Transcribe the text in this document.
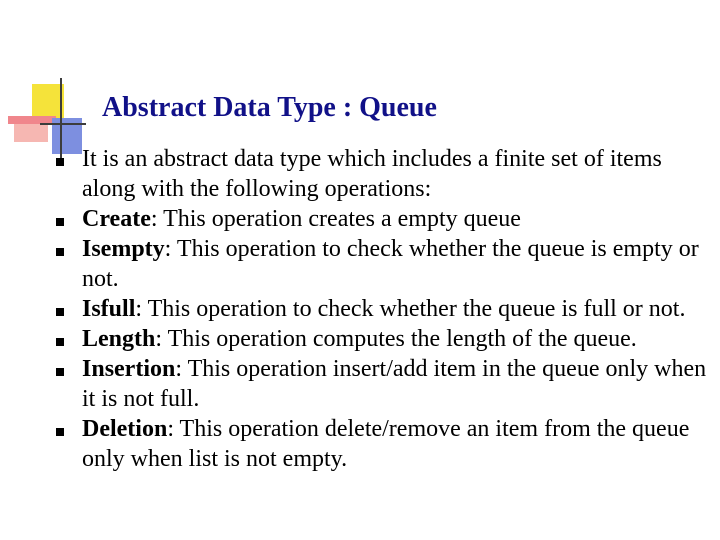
Abstract Data Type : Queue
It is an abstract data type which includes a finite set of items along with the following operations:
Create: This operation creates a empty queue
Isempty: This operation to check whether the queue is empty or not.
Isfull: This operation to check whether the queue is full or not.
Length: This operation computes the length of the queue.
Insertion: This operation insert/add item in the queue only when it is not full.
Deletion: This operation delete/remove an item from the queue only when list is not empty.
